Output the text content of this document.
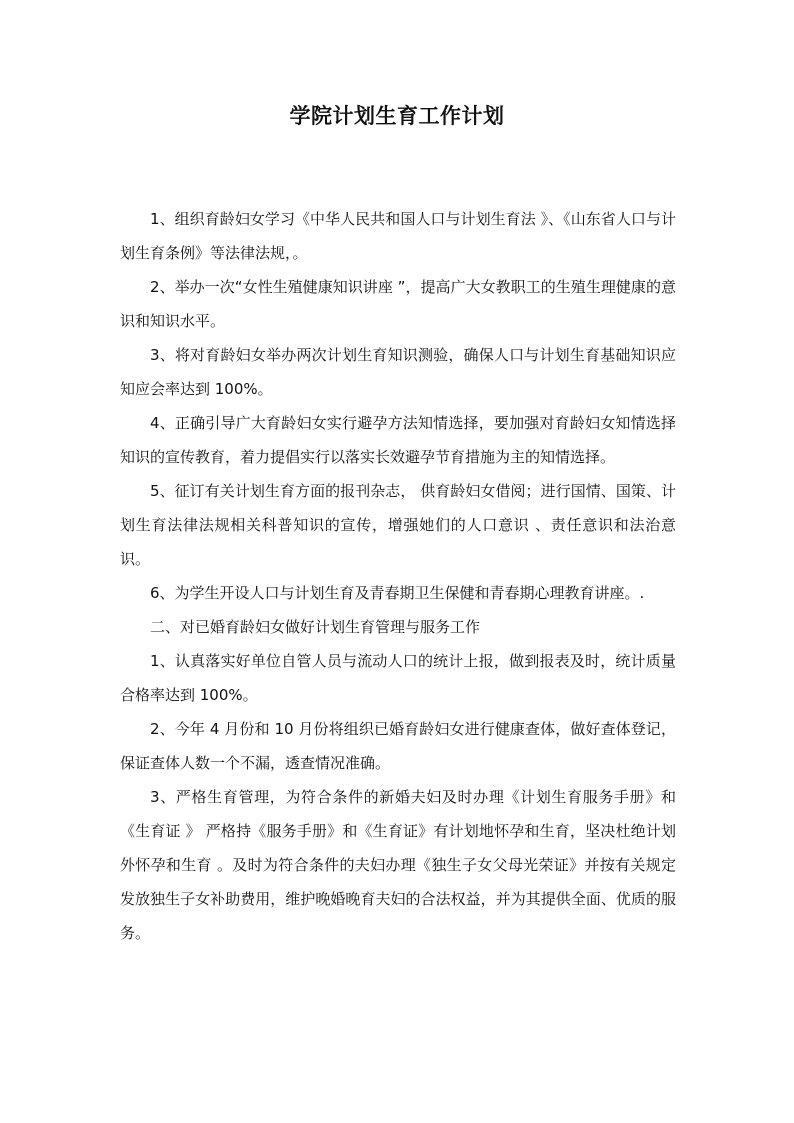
学院计划生育工作计划

1、组织育龄妇女学习《中华人民共和国人口与计划生育法 》、《山东省人口与计划生育条例》等法律法规，。

2、举办一次“女性生殖健康知识讲座 ”，提高广大女教职工的生殖生理健康的意识和知识水平。

3、将对育龄妇女举办两次计划生育知识测验，确保人口与计划生育基础知识应知应会率达到 100%。

4、正确引导广大育龄妇女实行避孕方法知情选择，要加强对育龄妇女知情选择知识的宣传教育，着力提倡实行以落实长效避孕节育措施为主的知情选择。

5、征订有关计划生育方面的报刊杂志， 供育龄妇女借阅；进行国情、国策、计划生育法律法规相关科普知识的宣传，增强她们的人口意识 、责任意识和法治意识。

6、为学生开设人口与计划生育及青春期卫生保健和青春期心理教育讲座。.

二、对已婚育龄妇女做好计划生育管理与服务工作

1、认真落实好单位自管人员与流动人口的统计上报，做到报表及时，统计质量合格率达到 100%。

2、今年 4 月份和 10 月份将组织已婚育龄妇女进行健康查体，做好查体登记，保证查体人数一个不漏，透查情况准确。

3、严格生育管理，为符合条件的新婚夫妇及时办理《计划生育服务手册》和《生育证 》 严格持《服务手册》和《生育证》有计划地怀孕和生育，坚决杜绝计划外怀孕和生育 。及时为符合条件的夫妇办理《独生子女父母光荣证》并按有关规定发放独生子女补助费用，维护晚婚晚育夫妇的合法权益，并为其提供全面、优质的服务。
